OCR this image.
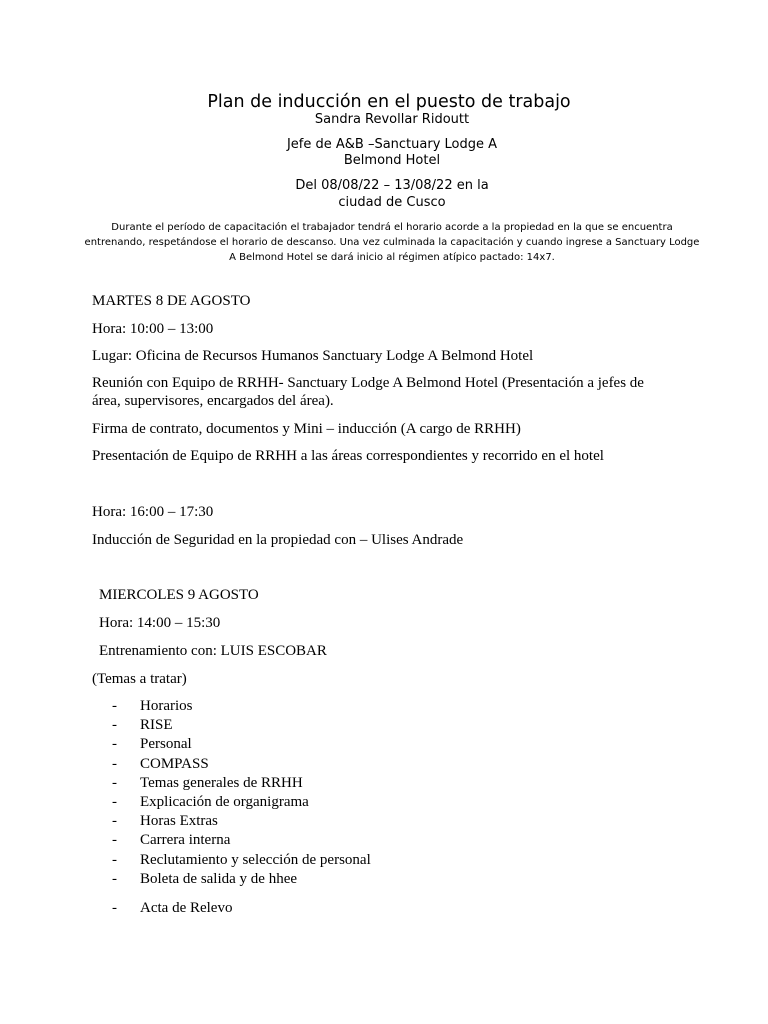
Plan de inducción en el puesto de trabajo
Sandra Revollar Ridoutt
Jefe de A&B –Sanctuary Lodge A
Belmond Hotel
Del 08/08/22 – 13/08/22 en la
ciudad de Cusco

Durante el período de capacitación el trabajador tendrá el horario acorde a la propiedad en la que se encuentra entrenando, respetándose el horario de descanso. Una vez culminada la capacitación y cuando ingrese a Sanctuary Lodge A Belmond Hotel se dará inicio al régimen atípico pactado: 14x7.

MARTES 8 DE AGOSTO
Hora: 10:00 – 13:00
Lugar: Oficina de Recursos Humanos Sanctuary Lodge A Belmond Hotel

Reunión con Equipo de RRHH- Sanctuary Lodge A Belmond Hotel (Presentación a jefes de área, supervisores, encargados del área).

Firma de contrato, documentos y Mini – inducción (A cargo de RRHH)
Presentación de Equipo de RRHH a las áreas correspondientes y recorrido en el hotel
Hora: 16:00 – 17:30
Inducción de Seguridad en la propiedad con – Ulises Andrade
MIERCOLES 9 AGOSTO
Hora: 14:00 – 15:30
Entrenamiento con: LUIS ESCOBAR
(Temas a tratar)
- Horarios
- RISE
- Personal
- COMPASS
- Temas generales de RRHH
- Explicación de organigrama
- Horas Extras
- Carrera interna
- Reclutamiento y selección de personal
- Boleta de salida y de hhee
- Acta de Relevo
